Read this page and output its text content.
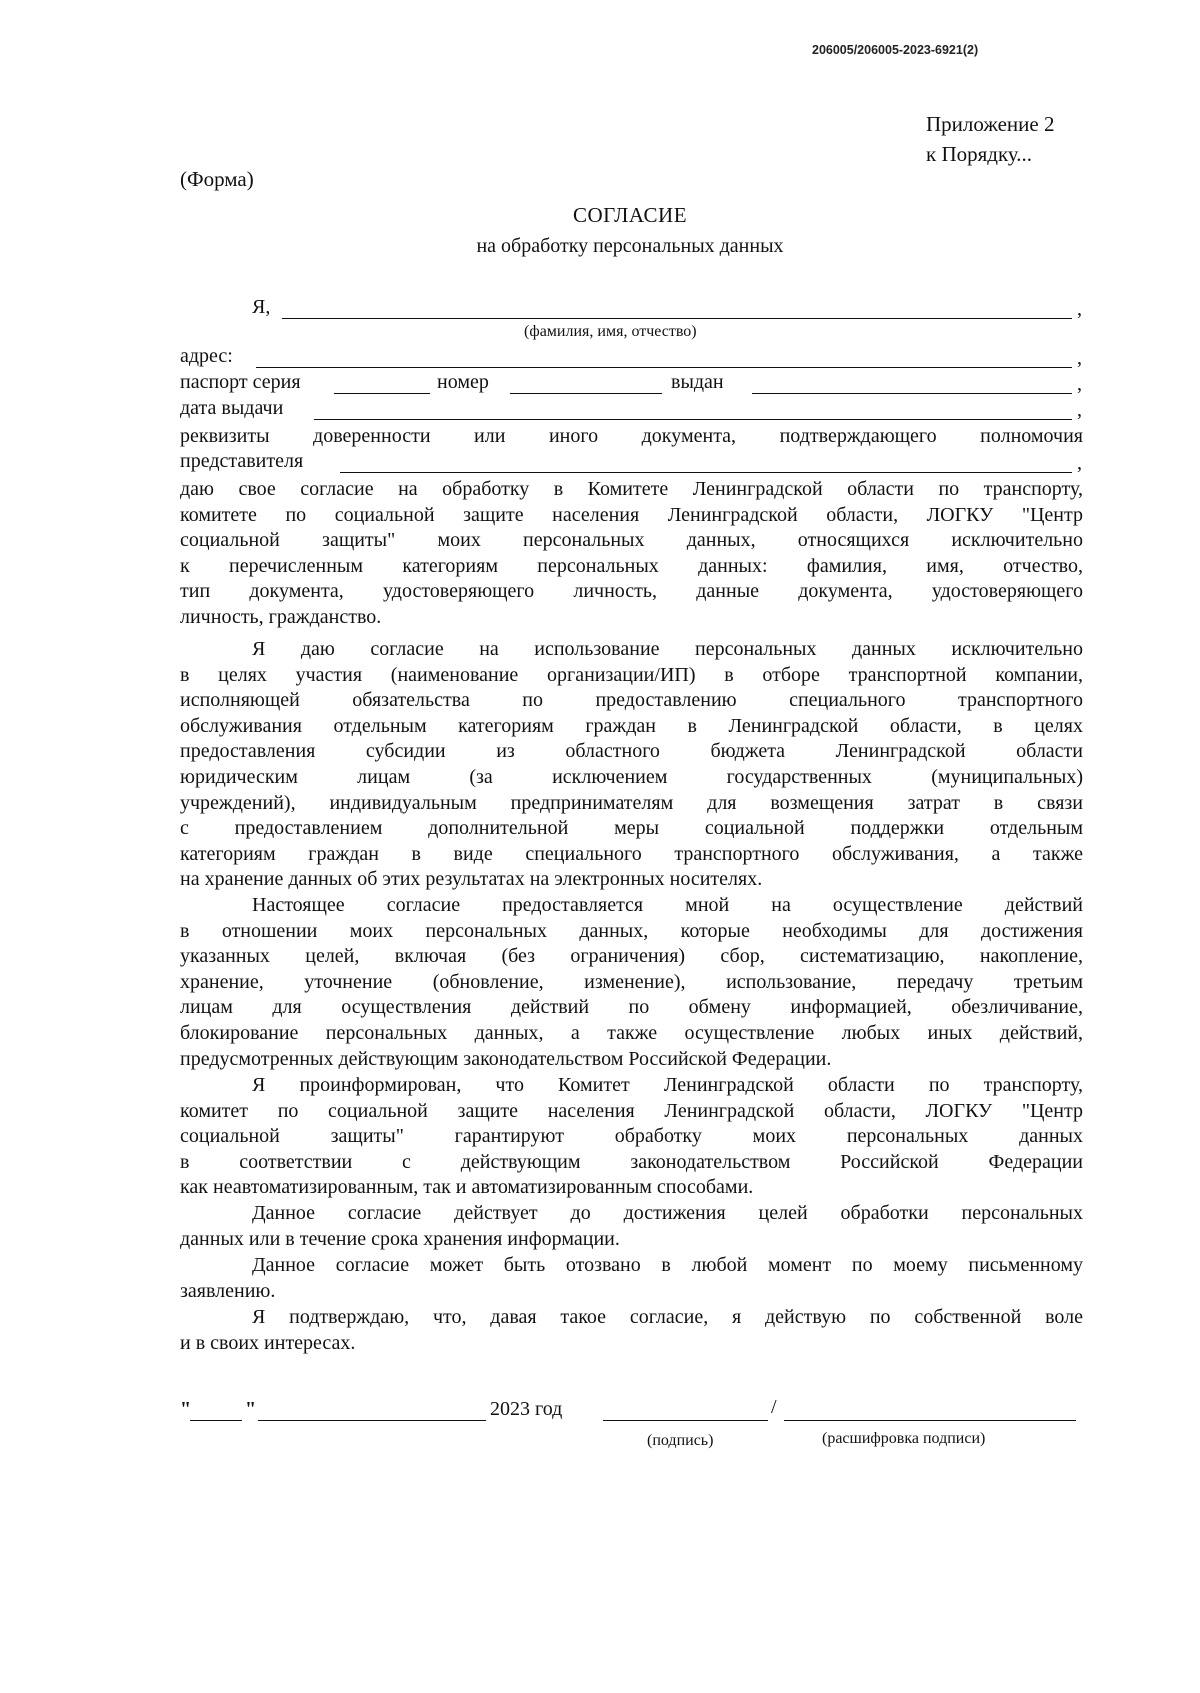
206005/206005-2023-6921(2)
Приложение 2
к Порядку...
(Форма)
СОГЛАСИЕ
на обработку персональных данных
Я,	,
(фамилия, имя, отчество)
адрес:	,
паспорт серия	номер	выдан	,
дата выдачи	,
реквизиты доверенности или иного документа, подтверждающего полномочия
представителя	,
даю свое согласие на обработку в Комитете Ленинградской области по транспорту,
комитете по социальной защите населения Ленинградской области, ЛОГКУ "Центр
социальной защиты" моих персональных данных, относящихся исключительно
к перечисленным категориям персональных данных: фамилия, имя, отчество,
тип документа, удостоверяющего личность, данные документа, удостоверяющего
личность, гражданство.
Я даю согласие на использование персональных данных исключительно
в целях участия (наименование организации/ИП) в отборе транспортной компании,
исполняющей обязательства по предоставлению специального транспортного
обслуживания отдельным категориям граждан в Ленинградской области, в целях
предоставления субсидии из областного бюджета Ленинградской области
юридическим лицам (за исключением государственных (муниципальных)
учреждений), индивидуальным предпринимателям для возмещения затрат в связи
с предоставлением дополнительной меры социальной поддержки отдельным
категориям граждан в виде специального транспортного обслуживания, а также
на хранение данных об этих результатах на электронных носителях.
Настоящее согласие предоставляется мной на осуществление действий
в отношении моих персональных данных, которые необходимы для достижения
указанных целей, включая (без ограничения) сбор, систематизацию, накопление,
хранение, уточнение (обновление, изменение), использование, передачу третьим
лицам для осуществления действий по обмену информацией, обезличивание,
блокирование персональных данных, а также осуществление любых иных действий,
предусмотренных действующим законодательством Российской Федерации.
Я проинформирован, что Комитет Ленинградской области по транспорту,
комитет по социальной защите населения Ленинградской области, ЛОГКУ "Центр
социальной защиты" гарантируют обработку моих персональных данных
в соответствии с действующим законодательством Российской Федерации
как неавтоматизированным, так и автоматизированным способами.
Данное согласие действует до достижения целей обработки персональных
данных или в течение срока хранения информации.
Данное согласие может быть отозвано в любой момент по моему письменному
заявлению.
Я подтверждаю, что, давая такое согласие, я действую по собственной воле
и в своих интересах.
"	"	2023 год	/
(подпись)	(расшифровка подписи)
